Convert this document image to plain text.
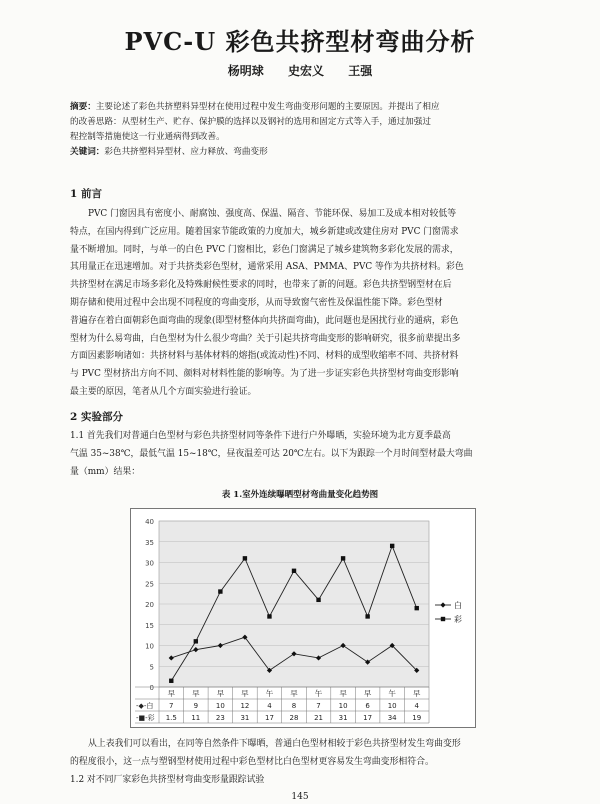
PVC-U 彩色共挤型材弯曲分析
杨明球 史宏义 王强
摘要：主要论述了彩色共挤塑料异型材在使用过程中发生弯曲变形问题的主要原因。并提出了相应
的改善思路：从型材生产、贮存、保护膜的选择以及钢衬的选用和固定方式等入手，通过加强过
程控制等措施使这一行业通病得到改善。
关键词：彩色共挤塑料异型材、应力释放、弯曲变形
1 前言
PVC 门窗因具有密度小、耐腐蚀、强度高、保温、隔音、节能环保、易加工及成本相对较低等
特点，在国内得到广泛应用。随着国家节能政策的力度加大，城乡新建或改建住房对 PVC 门窗需求
量不断增加。同时，与单一的白色 PVC 门窗相比，彩色门窗满足了城乡建筑物多彩化发展的需求，
其用量正在迅速增加。对于共挤类彩色型材，通常采用 ASA、PMMA、PVC 等作为共挤材料。彩色
共挤型材在满足市场多彩化及特殊耐候性要求的同时，也带来了新的问题。彩色共挤型钢型材在后
期存储和使用过程中会出现不同程度的弯曲变形，从而导致窗气密性及保温性能下降。彩色型材
普遍存在着白面朝彩色面弯曲的现象(即型材整体向共挤面弯曲)，此问题也是困扰行业的通病，彩色
型材为什么易弯曲，白色型材为什么很少弯曲？关于引起共挤弯曲变形的影响研究，很多前辈提出多
方面因素影响诸如：共挤材料与基体材料的熔指(或流动性)不同、材料的成型收缩率不同、共挤材料
与 PVC 型材挤出方向不同、颜料对材料性能的影响等。为了进一步证实彩色共挤型材弯曲变形影响
最主要的原因，笔者从几个方面实验进行验证。
2 实验部分
1.1 首先我们对普通白色型材与彩色共挤型材同等条件下进行户外曝晒，实验环境为北方夏季最高
气温 35~38℃，最低气温 15~18℃，昼夜温差可达 20℃左右。以下为跟踪一个月时间型材最大弯曲
量（mm）结果：
表 1.室外连续曝晒型材弯曲量变化趋势图
0
5
10
15
20
25
30
35
40
白
彩
早 早 早 早 午 早 午 早 早 午 早
-◆-白 7	9	10 12	4	8	7	10	6	10	4
-■-彩 1.5 11 23 31 17 28 21 31 17 34 19
从上表我们可以看出，在同等自然条件下曝晒，普通白色型材相较于彩色共挤型材发生弯曲变形
的程度很小，这一点与塑钢型材使用过程中彩色型材比白色型材更容易发生弯曲变形相符合。
1.2 对不同厂家彩色共挤型材弯曲变形量跟踪试验
145
